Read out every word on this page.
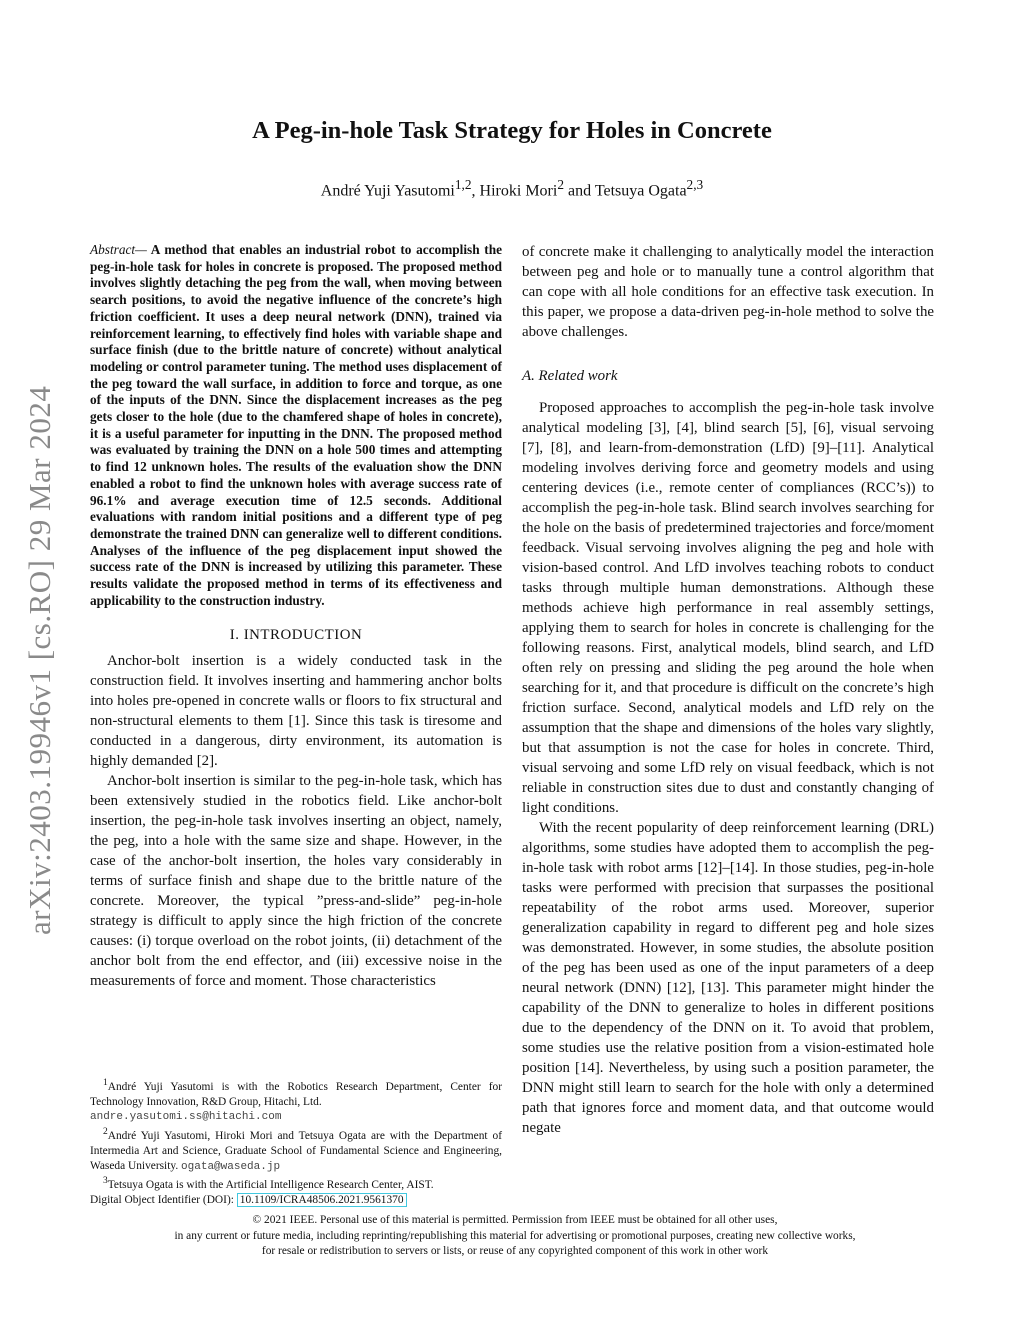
arXiv:2403.19946v1 [cs.RO] 29 Mar 2024
A Peg-in-hole Task Strategy for Holes in Concrete
André Yuji Yasutomi$^{1,2}$, Hiroki Mori$^2$ and Tetsuya Ogata$^{2,3}$

Abstract— A method that enables an industrial robot to accomplish the peg-in-hole task for holes in concrete is proposed. The proposed method involves slightly detaching the peg from the wall, when moving between search positions, to avoid the negative influence of the concrete’s high friction coefficient. It uses a deep neural network (DNN), trained via reinforcement learning, to effectively find holes with variable shape and surface finish (due to the brittle nature of concrete) without analytical modeling or control parameter tuning. The method uses displacement of the peg toward the wall surface, in addition to force and torque, as one of the inputs of the DNN. Since the displacement increases as the peg gets closer to the hole (due to the chamfered shape of holes in concrete), it is a useful parameter for inputting in the DNN. The proposed method was evaluated by training the DNN on a hole 500 times and attempting to find 12 unknown holes. The results of the evaluation show the DNN enabled a robot to find the unknown holes with average success rate of 96.1% and average execution time of 12.5 seconds. Additional evaluations with random initial positions and a different type of peg demonstrate the trained DNN can generalize well to different conditions. Analyses of the influence of the peg displacement input showed the success rate of the DNN is increased by utilizing this parameter. These results validate the proposed method in terms of its effectiveness and applicability to the construction industry.

I. INTRODUCTION

Anchor-bolt insertion is a widely conducted task in the construction field. It involves inserting and hammering anchor bolts into holes pre-opened in concrete walls or floors to fix structural and non-structural elements to them [1]. Since this task is tiresome and conducted in a dangerous, dirty environment, its automation is highly demanded [2].

Anchor-bolt insertion is similar to the peg-in-hole task, which has been extensively studied in the robotics field. Like anchor-bolt insertion, the peg-in-hole task involves inserting an object, namely, the peg, into a hole with the same size and shape. However, in the case of the anchor-bolt insertion, the holes vary considerably in terms of surface finish and shape due to the brittle nature of the concrete. Moreover, the typical ”press-and-slide” peg-in-hole strategy is difficult to apply since the high friction of the concrete causes: (i) torque overload on the robot joints, (ii) detachment of the anchor bolt from the end effector, and (iii) excessive noise in the measurements of force and moment. Those characteristics

of concrete make it challenging to analytically model the interaction between peg and hole or to manually tune a control algorithm that can cope with all hole conditions for an effective task execution. In this paper, we propose a data-driven peg-in-hole method to solve the above challenges.

A. Related work

Proposed approaches to accomplish the peg-in-hole task involve analytical modeling [3], [4], blind search [5], [6], visual servoing [7], [8], and learn-from-demonstration (LfD) [9]–[11]. Analytical modeling involves deriving force and geometry models and using centering devices (i.e., remote center of compliances (RCC’s)) to accomplish the peg-in-hole task. Blind search involves searching for the hole on the basis of predetermined trajectories and force/moment feedback. Visual servoing involves aligning the peg and hole with vision-based control. And LfD involves teaching robots to conduct tasks through multiple human demonstrations. Although these methods achieve high performance in real assembly settings, applying them to search for holes in concrete is challenging for the following reasons. First, analytical models, blind search, and LfD often rely on pressing and sliding the peg around the hole when searching for it, and that procedure is difficult on the concrete’s high friction surface. Second, analytical models and LfD rely on the assumption that the shape and dimensions of the holes vary slightly, but that assumption is not the case for holes in concrete. Third, visual servoing and some LfD rely on visual feedback, which is not reliable in construction sites due to dust and constantly changing of light conditions.

With the recent popularity of deep reinforcement learning (DRL) algorithms, some studies have adopted them to accomplish the peg-in-hole task with robot arms [12]–[14]. In those studies, peg-in-hole tasks were performed with precision that surpasses the positional repeatability of the robot arms used. Moreover, superior generalization capability in regard to different peg and hole sizes was demonstrated. However, in some studies, the absolute position of the peg has been used as one of the input parameters of a deep neural network (DNN) [12], [13]. This parameter might hinder the capability of the DNN to generalize to holes in different positions due to the dependency of the DNN on it. To avoid that problem, some studies use the relative position from a vision-estimated hole position [14]. Nevertheless, by using such a position parameter, the DNN might still learn to search for the hole with only a determined path that ignores force and moment data, and that outcome would negate

$^1$André Yuji Yasutomi is with the Robotics Research Department, Center for Technology Innovation, R&D Group, Hitachi, Ltd.
andre.yasutomi.ss@hitachi.com

$^2$André Yuji Yasutomi, Hiroki Mori and Tetsuya Ogata are with the Department of Intermedia Art and Science, Graduate School of Fundamental Science and Engineering, Waseda University. ogata@waseda.jp

$^3$Tetsuya Ogata is with the Artificial Intelligence Research Center, AIST.
Digital Object Identifier (DOI): 10.1109/ICRA48506.2021.9561370

© 2021 IEEE. Personal use of this material is permitted. Permission from IEEE must be obtained for all other uses,
in any current or future media, including reprinting/republishing this material for advertising or promotional purposes, creating new collective works,
for resale or redistribution to servers or lists, or reuse of any copyrighted component of this work in other work
